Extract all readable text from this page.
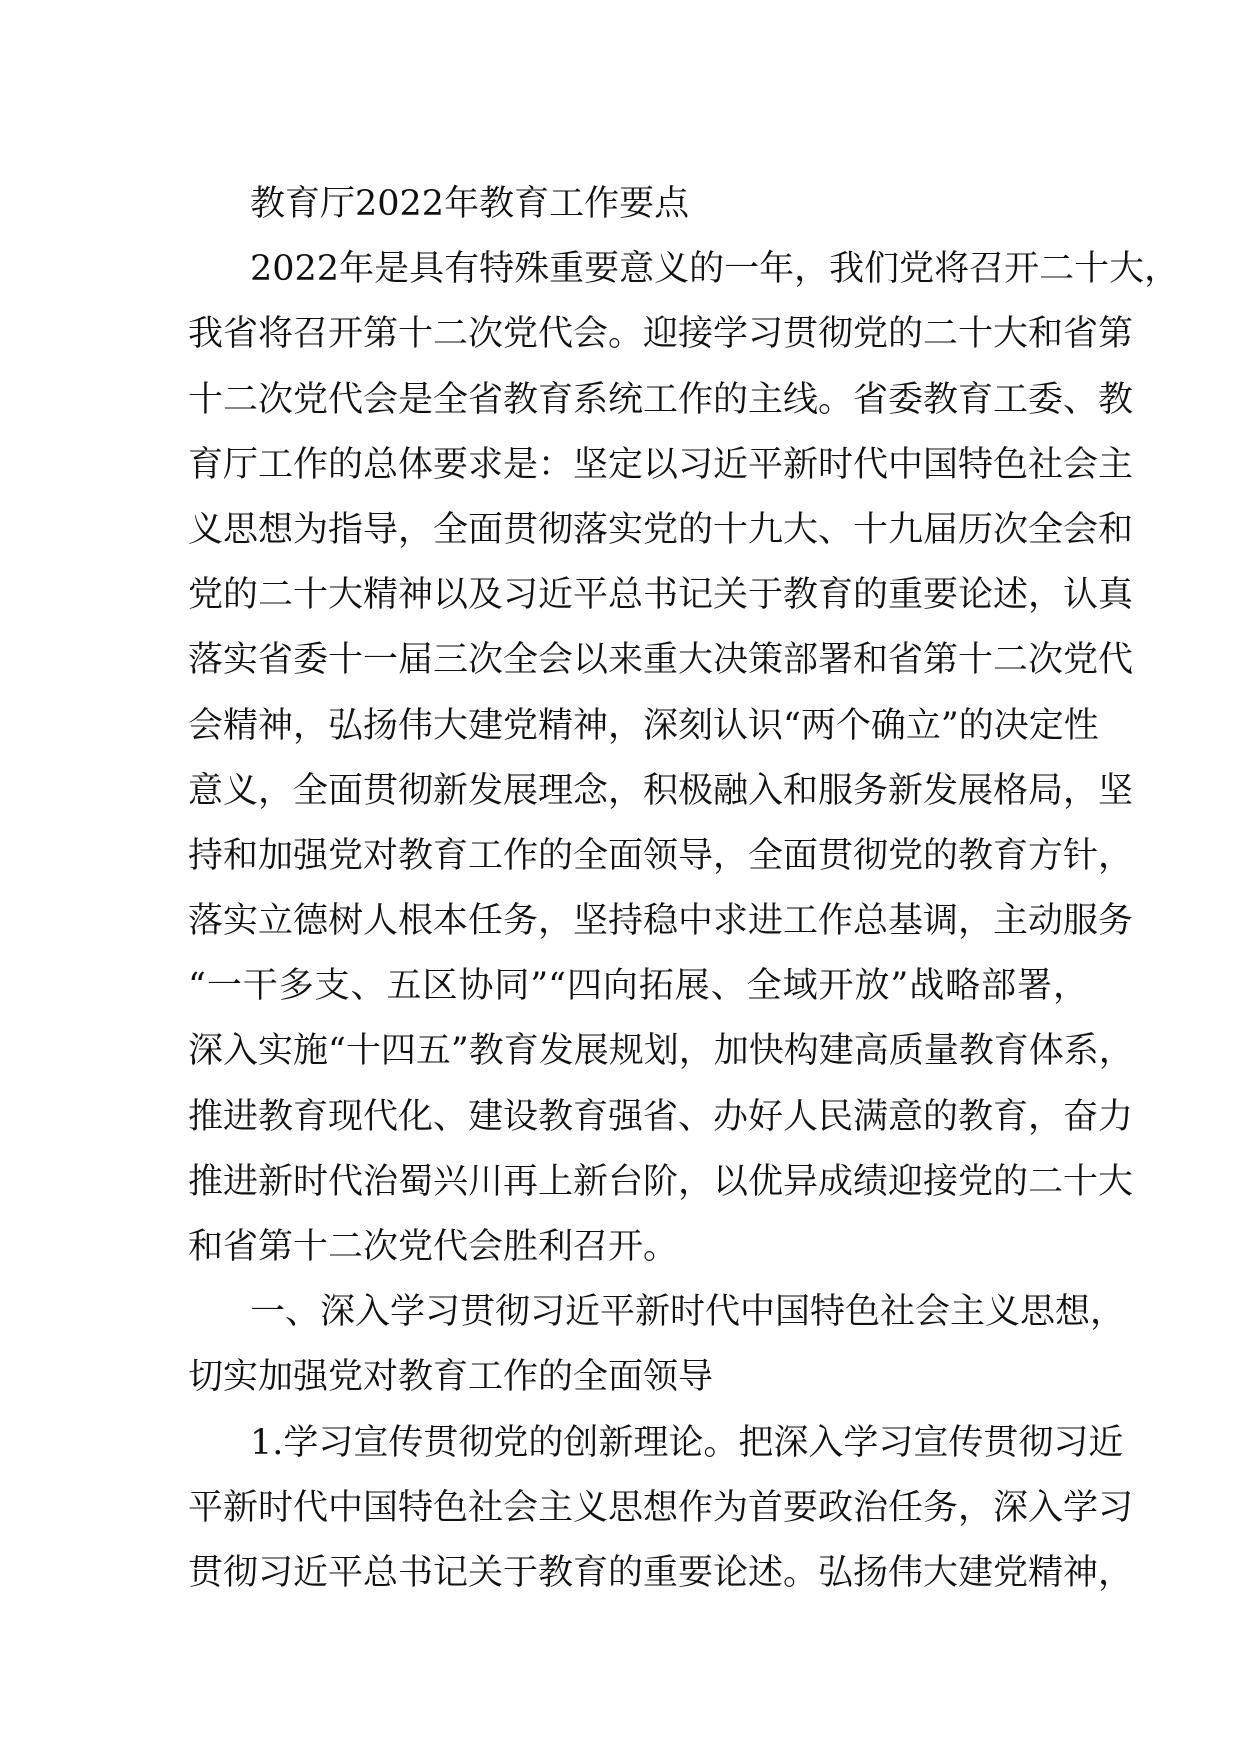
教育厅2022年教育工作要点
2022年是具有特殊重要意义的一年，我们党将召开二十大，
我省将召开第十二次党代会。迎接学习贯彻党的二十大和省第
十二次党代会是全省教育系统工作的主线。省委教育工委、教
育厅工作的总体要求是：坚定以习近平新时代中国特色社会主
义思想为指导，全面贯彻落实党的十九大、十九届历次全会和
党的二十大精神以及习近平总书记关于教育的重要论述，认真
落实省委十一届三次全会以来重大决策部署和省第十二次党代
会精神，弘扬伟大建党精神，深刻认识“两个确立”的决定性
意义，全面贯彻新发展理念，积极融入和服务新发展格局，坚
持和加强党对教育工作的全面领导，全面贯彻党的教育方针，
落实立德树人根本任务，坚持稳中求进工作总基调，主动服务
“一干多支、五区协同”“四向拓展、全域开放”战略部署，
深入实施“十四五”教育发展规划，加快构建高质量教育体系，
推进教育现代化、建设教育强省、办好人民满意的教育，奋力
推进新时代治蜀兴川再上新台阶，以优异成绩迎接党的二十大
和省第十二次党代会胜利召开。
一、深入学习贯彻习近平新时代中国特色社会主义思想，
切实加强党对教育工作的全面领导
1.学习宣传贯彻党的创新理论。把深入学习宣传贯彻习近
平新时代中国特色社会主义思想作为首要政治任务，深入学习
贯彻习近平总书记关于教育的重要论述。弘扬伟大建党精神，
